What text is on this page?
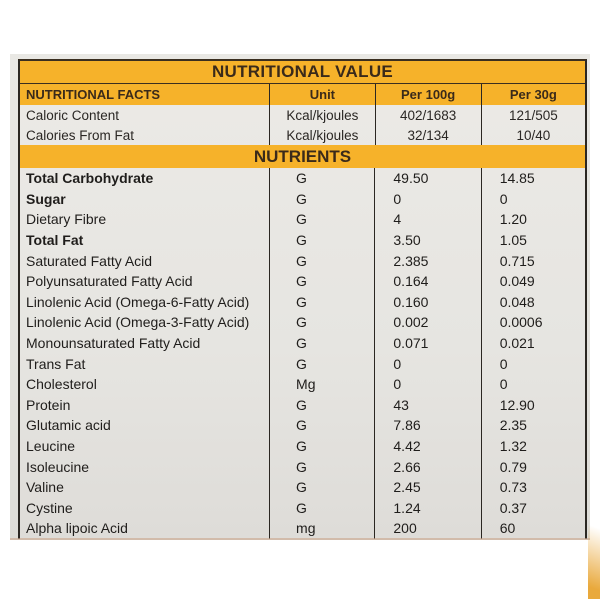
NUTRITIONAL VALUE
NUTRITIONAL FACTS	Unit	Per 100g	Per 30g
Caloric Content	Kcal/kjoules	402/1683	121/505
Calories From Fat	Kcal/kjoules	32/134	10/40
NUTRIENTS
Total Carbohydrate	G	49.50	14.85
Sugar	G	0	0
Dietary Fibre	G	4	1.20
Total Fat	G	3.50	1.05
Saturated Fatty Acid	G	2.385	0.715
Polyunsaturated Fatty Acid	G	0.164	0.049
Linolenic Acid (Omega-6-Fatty Acid)	G	0.160	0.048
Linolenic Acid (Omega-3-Fatty Acid)	G	0.002	0.0006
Monounsaturated Fatty Acid	G	0.071	0.021
Trans Fat	G	0	0
Cholesterol	Mg	0	0
Protein	G	43	12.90
Glutamic acid	G	7.86	2.35
Leucine	G	4.42	1.32
Isoleucine	G	2.66	0.79
Valine	G	2.45	0.73
Cystine	G	1.24	0.37
Alpha lipoic Acid	mg	200	60
